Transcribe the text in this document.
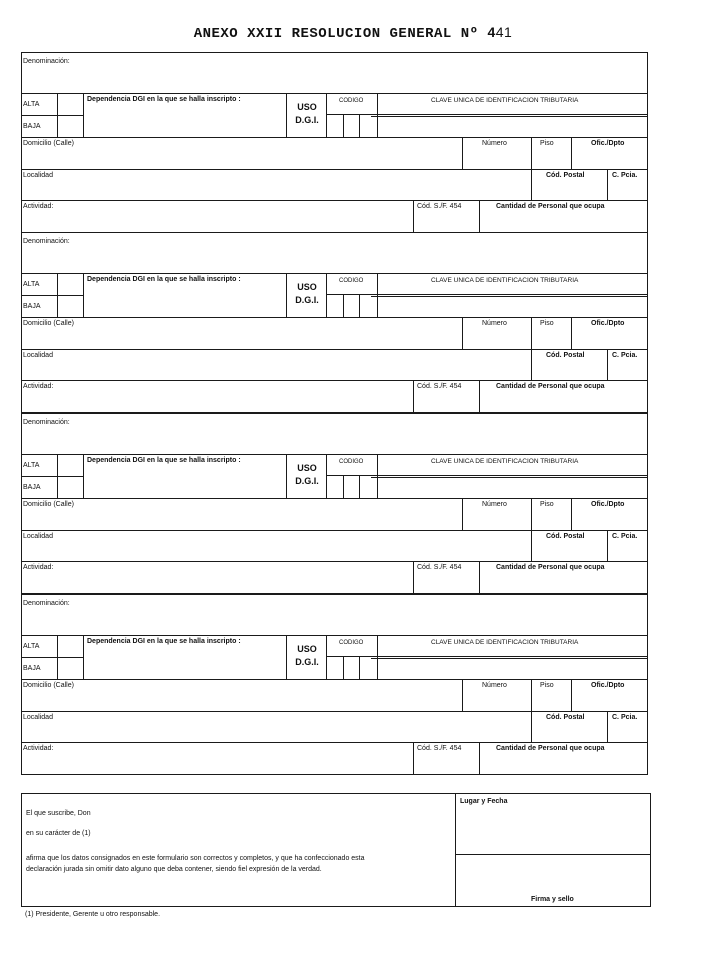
ANEXO XXII RESOLUCION GENERAL Nº 441
Denominación:
ALTA
BAJA
Dependencia DGI en la que se halla inscripto :
USO
D.G.I.
CODIGO	CLAVE UNICA DE IDENTIFICACION TRIBUTARIA
Domicilio (Calle)	Número	Piso	Ofic./Dpto
Localidad	Cód. Postal	C. Pcia.
Actividad:	Cód. S./F. 454	Cantidad de Personal que ocupa
Denominación:
ALTA
BAJA
Dependencia DGI en la que se halla inscripto :
USO
D.G.I.
CODIGO	CLAVE UNICA DE IDENTIFICACION TRIBUTARIA
Domicilio (Calle)	Número	Piso	Ofic./Dpto
Localidad	Cód. Postal	C. Pcia.
Actividad:	Cód. S./F. 454	Cantidad de Personal que ocupa
Denominación:
ALTA
BAJA
Dependencia DGI en la que se halla inscripto :
USO
D.G.I.
CODIGO	CLAVE UNICA DE IDENTIFICACION TRIBUTARIA
Domicilio (Calle)	Número	Piso	Ofic./Dpto
Localidad	Cód. Postal	C. Pcia.
Actividad:	Cód. S./F. 454	Cantidad de Personal que ocupa
Denominación:
ALTA
BAJA
Dependencia DGI en la que se halla inscripto :
USO
D.G.I.
CODIGO	CLAVE UNICA DE IDENTIFICACION TRIBUTARIA
Domicilio (Calle)	Número	Piso	Ofic./Dpto
Localidad	Cód. Postal	C. Pcia.
Actividad:	Cód. S./F. 454	Cantidad de Personal que ocupa
El que suscribe, Don
en su carácter de (1)
afirma que los datos consignados en este formulario son correctos y completos, y que ha confeccionado esta
declaración jurada sin omitir dato alguno que deba contener, siendo fiel expresión de la verdad.
Lugar y Fecha
Firma y sello
(1) Presidente, Gerente u otro responsable.
